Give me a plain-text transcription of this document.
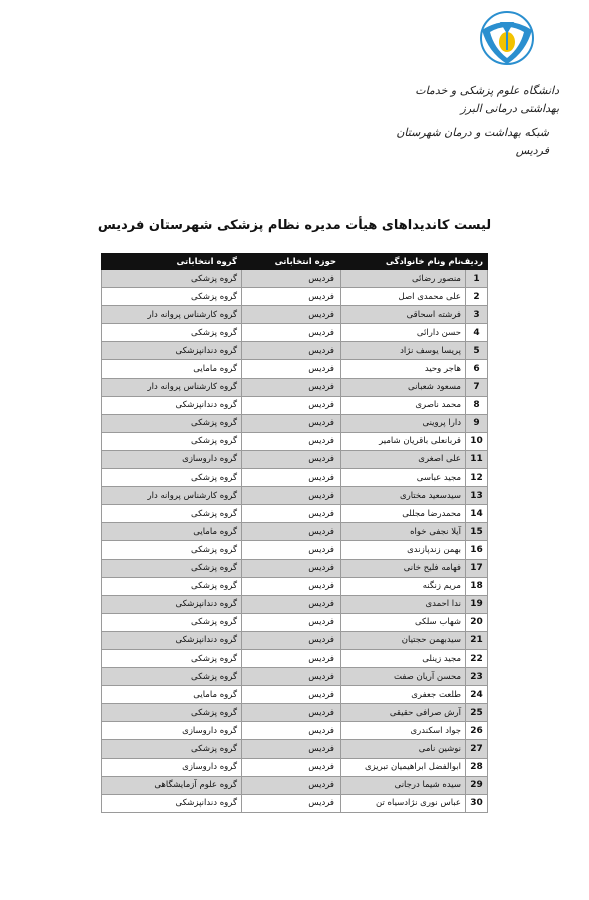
دانشگاه علوم پزشکی و خدمات بهداشتی درمانی البرز
شبکه بهداشت و درمان شهرستان فردیس
لیست کاندیداهای هیأت مدیره نظام پزشکی شهرستان فردیس
ردیف	نام ونام خانوادگی	حوزه انتخاباتی	گروه انتخاباتی
1	منصور رضائی	فردیس	گروه پزشکی
2	علی محمدی اصل	فردیس	گروه پزشکی
3	فرشته اسحاقی	فردیس	گروه کارشناس پروانه دار
4	حسن دارائی	فردیس	گروه پزشکی
5	پریسا یوسف نژاد	فردیس	گروه دندانپزشکی
6	هاجر وحید	فردیس	گروه مامایی
7	مسعود شعبانی	فردیس	گروه کارشناس پروانه دار
8	محمد ناصری	فردیس	گروه دندانپزشکی
9	دارا پروینی	فردیس	گروه پزشکی
10	قربانعلی باقریان شامیر	فردیس	گروه پزشکی
11	علی اصغری	فردیس	گروه داروسازی
12	مجید عباسی	فردیس	گروه پزشکی
13	سیدسعید مختاری	فردیس	گروه کارشناس پروانه دار
14	محمدرضا مجللی	فردیس	گروه پزشکی
15	آیلا نجفی خواه	فردیس	گروه مامایی
16	بهمن زندپازندی	فردیس	گروه پزشکی
17	فهامه فلیح خانی	فردیس	گروه پزشکی
18	مریم زنگنه	فردیس	گروه پزشکی
19	ندا احمدی	فردیس	گروه دندانپزشکی
20	شهاب سلکی	فردیس	گروه پزشکی
21	سیدبهمن حجتیان	فردیس	گروه دندانپزشکی
22	مجید زینلی	فردیس	گروه پزشکی
23	محسن آریان صفت	فردیس	گروه پزشکی
24	طلعت جعفری	فردیس	گروه مامایی
25	آرش صرافی حقیقی	فردیس	گروه پزشکی
26	جواد اسکندری	فردیس	گروه داروسازی
27	نوشین نامی	فردیس	گروه پزشکی
28	ابوالفضل ابراهیمیان تبریزی	فردیس	گروه داروسازی
29	سیده شیما درجانی	فردیس	گروه علوم آزمایشگاهی
30	عباس نوری نژادسیاه تن	فردیس	گروه دندانپزشکی
